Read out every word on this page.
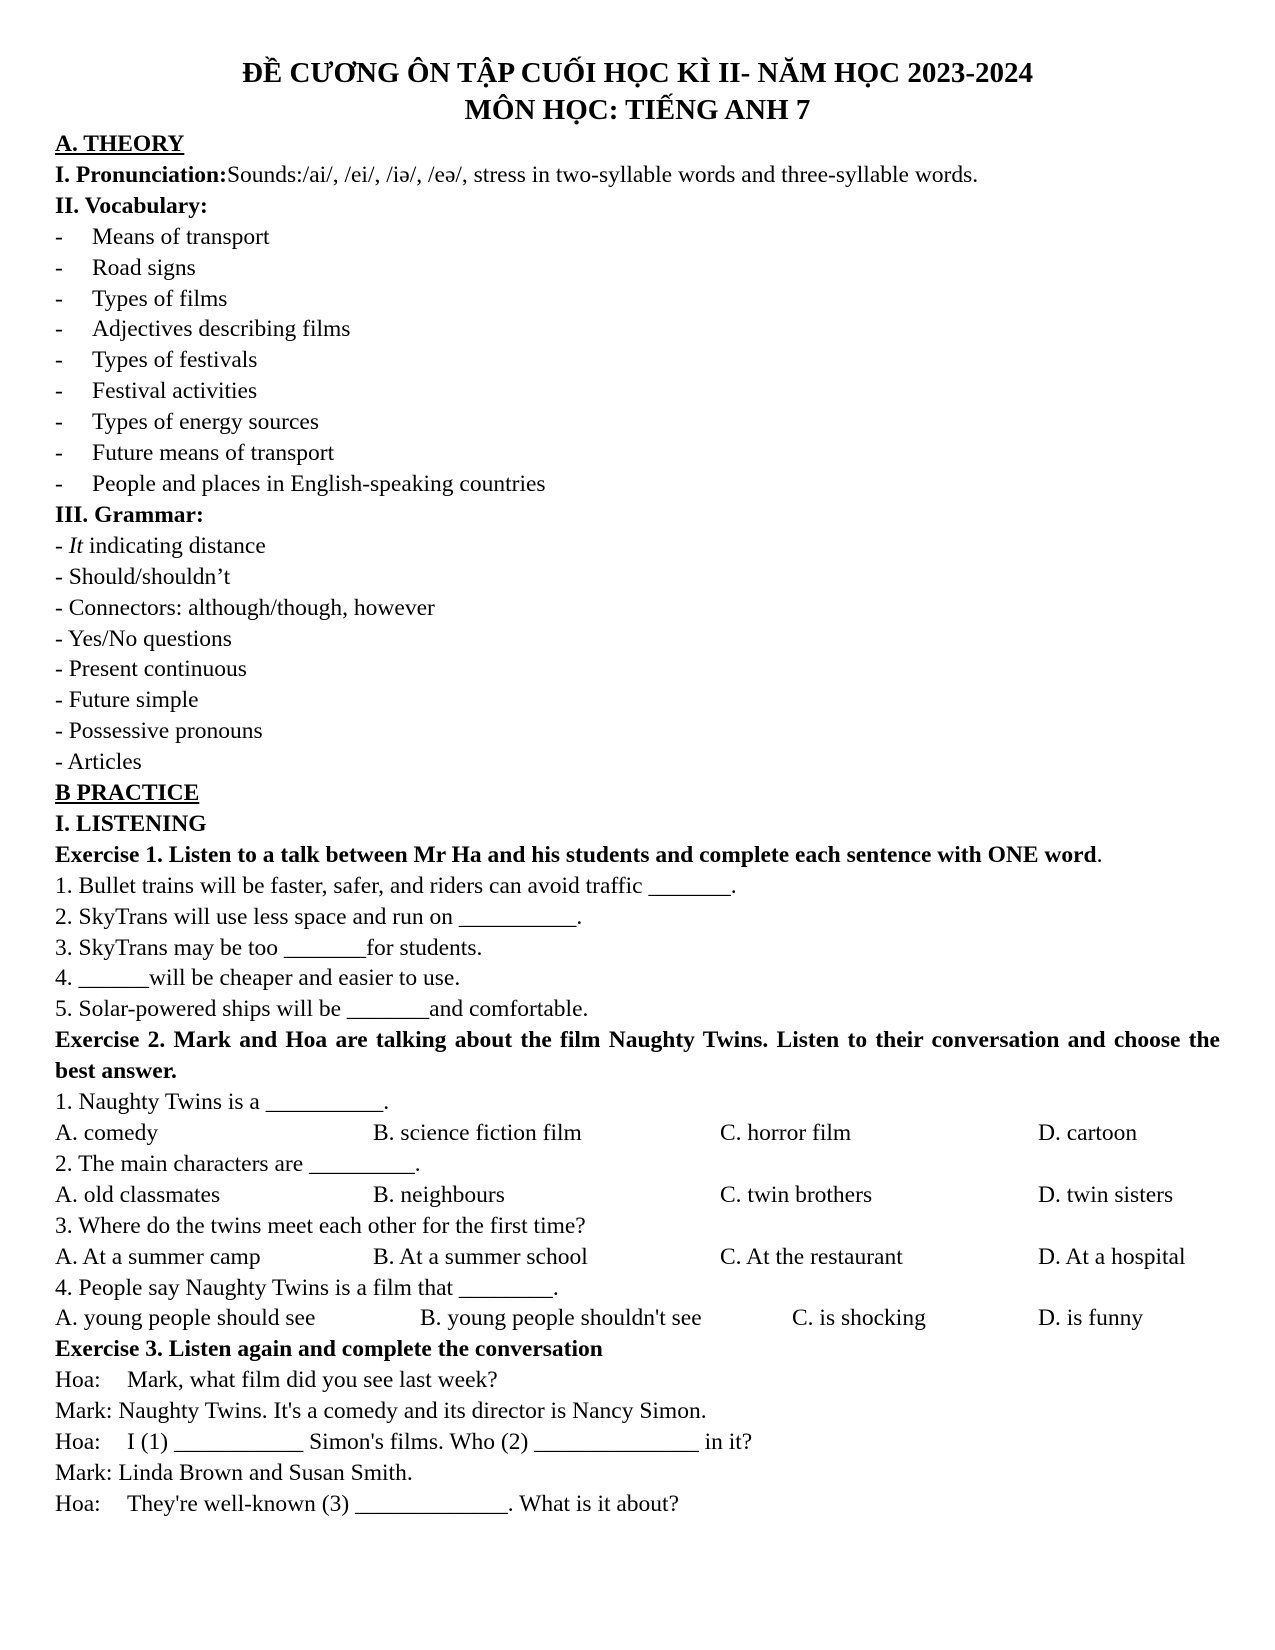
ĐỀ CƯƠNG ÔN TẬP CUỐI HỌC KÌ II- NĂM HỌC 2023-2024
MÔN HỌC: TIẾNG ANH 7
A. THEORY
I. Pronunciation:Sounds:/ai/, /ei/, /iə/, /eə/, stress in two-syllable words and three-syllable words.
II. Vocabulary:
- Means of transport
- Road signs
- Types of films
- Adjectives describing films
- Types of festivals
- Festival activities
- Types of energy sources
- Future means of transport
- People and places in English-speaking countries
III. Grammar:
- It indicating distance
- Should/shouldn’t
- Connectors: although/though, however
- Yes/No questions
- Present continuous
- Future simple
- Possessive pronouns
- Articles
B PRACTICE
I. LISTENING
Exercise 1. Listen to a talk between Mr Ha and his students and complete each sentence with ONE word.
1. Bullet trains will be faster, safer, and riders can avoid traffic _______.
2. SkyTrans will use less space and run on __________.
3. SkyTrans may be too _______for students.
4. ______will be cheaper and easier to use.
5. Solar-powered ships will be _______and comfortable.
Exercise 2. Mark and Hoa are talking about the film Naughty Twins. Listen to their conversation and choose the best answer.
1. Naughty Twins is a __________.
A. comedy	B. science fiction film	C. horror film	D. cartoon
2. The main characters are _________.
A. old classmates	B. neighbours	C. twin brothers	D. twin sisters
3. Where do the twins meet each other for the first time?
A. At a summer camp	B. At a summer school	C. At the restaurant	D. At a hospital
4. People say Naughty Twins is a film that ________.
A. young people should see	B. young people shouldn't see	C. is shocking	D. is funny
Exercise 3. Listen again and complete the conversation
Hoa: Mark, what film did you see last week?
Mark: Naughty Twins. It's a comedy and its director is Nancy Simon.
Hoa: I (1) ___________ Simon's films. Who (2) ______________ in it?
Mark: Linda Brown and Susan Smith.
Hoa: They're well-known (3) _____________. What is it about?
